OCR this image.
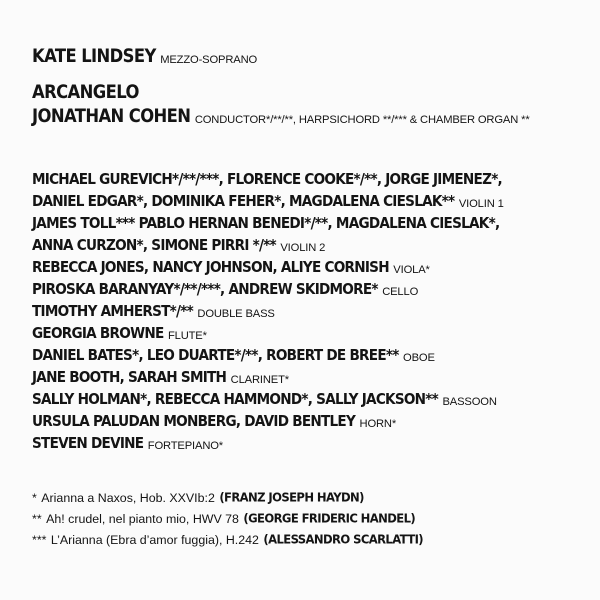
KATE LINDSEY MEZZO-SOPRANO
ARCANGELO
JONATHAN COHEN CONDUCTOR*/**/**, HARPSICHORD **/*** & CHAMBER ORGAN **
MICHAEL GUREVICH*/**/***, FLORENCE COOKE*/**, JORGE JIMENEZ*,
DANIEL EDGAR*, DOMINIKA FEHER*, MAGDALENA CIESLAK** VIOLIN 1
JAMES TOLL*** PABLO HERNAN BENEDI*/**, MAGDALENA CIESLAK*,
ANNA CURZON*, SIMONE PIRRI */** VIOLIN 2
REBECCA JONES, NANCY JOHNSON, ALIYE CORNISH VIOLA*
PIROSKA BARANYAY*/**/***, ANDREW SKIDMORE* CELLO
TIMOTHY AMHERST*/** DOUBLE BASS
GEORGIA BROWNE FLUTE*
DANIEL BATES*, LEO DUARTE*/**, ROBERT DE BREE** OBOE
JANE BOOTH, SARAH SMITH CLARINET*
SALLY HOLMAN*, REBECCA HAMMOND*, SALLY JACKSON** BASSOON
URSULA PALUDAN MONBERG, DAVID BENTLEY HORN*
STEVEN DEVINE FORTEPIANO*
* Arianna a Naxos, Hob. XXVIb:2 (FRANZ JOSEPH HAYDN)
** Ah! crudel, nel pianto mio, HWV 78 (GEORGE FRIDERIC HANDEL)
*** L’Arianna (Ebra d’amor fuggia), H.242 (ALESSANDRO SCARLATTI)
